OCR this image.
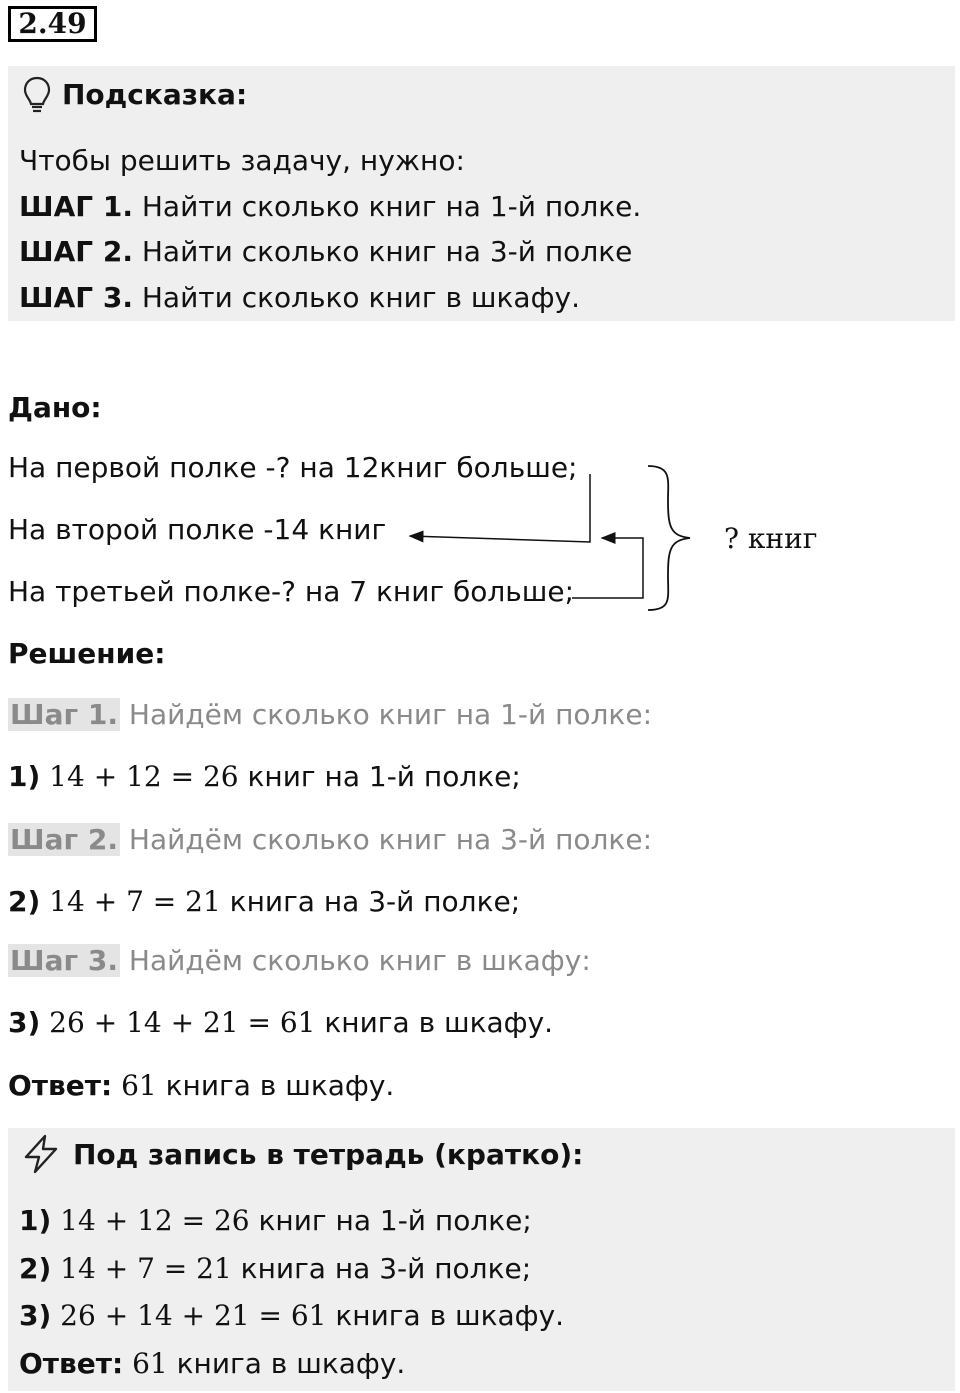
2.49
Подсказка:
Чтобы решить задачу, нужно:
ШАГ 1. Найти сколько книг на 1-й полке.
ШАГ 2. Найти сколько книг на 3-й полке
ШАГ 3. Найти сколько книг в шкафу.
Дано:
На первой полке -? на 12книг больше;
На второй полке -14 книг
На третьей полке-? на 7 книг больше;
? книг
Решение:
Шаг 1. Найдём сколько книг на 1-й полке:
1) 14 + 12 = 26 книг на 1-й полке;
Шаг 2. Найдём сколько книг на 3-й полке:
2) 14 + 7 = 21 книга на 3-й полке;
Шаг 3. Найдём сколько книг в шкафу:
3) 26 + 14 + 21 = 61 книга в шкафу.
Ответ: 61 книга в шкафу.
Под запись в тетрадь (кратко):
1) 14 + 12 = 26 книг на 1-й полке;
2) 14 + 7 = 21 книга на 3-й полке;
3) 26 + 14 + 21 = 61 книга в шкафу.
Ответ: 61 книга в шкафу.
